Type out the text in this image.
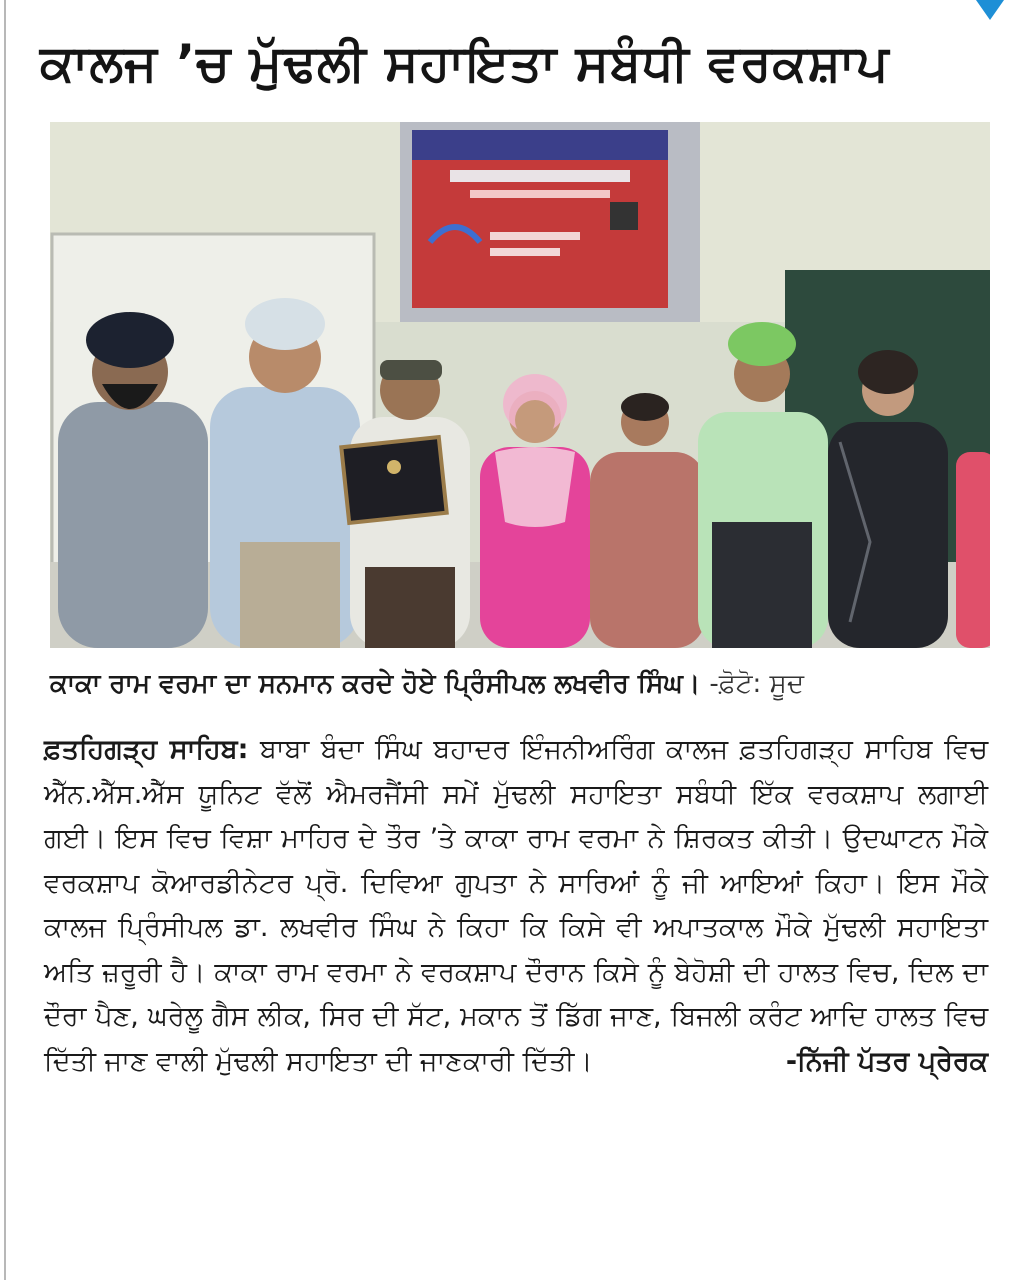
ਕਾਲਜ ’ਚ ਮੁੱਢਲੀ ਸਹਾਇਤਾ ਸਬੰਧੀ ਵਰਕਸ਼ਾਪ
ਕਾਕਾ ਰਾਮ ਵਰਮਾ ਦਾ ਸਨਮਾਨ ਕਰਦੇ ਹੋਏ ਪ੍ਰਿੰਸੀਪਲ ਲਖਵੀਰ ਸਿੰਘ। -ਫ਼ੋਟੋ: ਸੂਦ
ਫ਼ਤਹਿਗੜ੍ਹ ਸਾਹਿਬ: ਬਾਬਾ ਬੰਦਾ ਸਿੰਘ ਬਹਾਦਰ ਇੰਜਨੀਅਰਿੰਗ ਕਾਲਜ ਫ਼ਤਹਿਗੜ੍ਹ ਸਾਹਿਬ ਵਿਚ ਐੱਨ.ਐੱਸ.ਐੱਸ ਯੂਨਿਟ ਵੱਲੋਂ ਐਮਰਜੈਂਸੀ ਸਮੇਂ ਮੁੱਢਲੀ ਸਹਾਇਤਾ ਸਬੰਧੀ ਇੱਕ ਵਰਕਸ਼ਾਪ ਲਗਾਈ ਗਈ। ਇਸ ਵਿਚ ਵਿਸ਼ਾ ਮਾਹਿਰ ਦੇ ਤੌਰ ’ਤੇ ਕਾਕਾ ਰਾਮ ਵਰਮਾ ਨੇ ਸ਼ਿਰਕਤ ਕੀਤੀ। ਉਦਘਾਟਨ ਮੌਕੇ ਵਰਕਸ਼ਾਪ ਕੋਆਰਡੀਨੇਟਰ ਪ੍ਰੋ. ਦਿਵਿਆ ਗੁਪਤਾ ਨੇ ਸਾਰਿਆਂ ਨੂੰ ਜੀ ਆਇਆਂ ਕਿਹਾ। ਇਸ ਮੌਕੇ ਕਾਲਜ ਪ੍ਰਿੰਸੀਪਲ ਡਾ. ਲਖਵੀਰ ਸਿੰਘ ਨੇ ਕਿਹਾ ਕਿ ਕਿਸੇ ਵੀ ਅਪਾਤਕਾਲ ਮੌਕੇ ਮੁੱਢਲੀ ਸਹਾਇਤਾ ਅਤਿ ਜ਼ਰੂਰੀ ਹੈ। ਕਾਕਾ ਰਾਮ ਵਰਮਾ ਨੇ ਵਰਕਸ਼ਾਪ ਦੌਰਾਨ ਕਿਸੇ ਨੂੰ ਬੇਹੋਸ਼ੀ ਦੀ ਹਾਲਤ ਵਿਚ, ਦਿਲ ਦਾ ਦੌਰਾ ਪੈਣ, ਘਰੇਲੂ ਗੈਸ ਲੀਕ, ਸਿਰ ਦੀ ਸੱਟ, ਮਕਾਨ ਤੋਂ ਡਿੱਗ ਜਾਣ, ਬਿਜਲੀ ਕਰੰਟ ਆਦਿ ਹਾਲਤ ਵਿਚ ਦਿੱਤੀ ਜਾਣ ਵਾਲੀ ਮੁੱਢਲੀ ਸਹਾਇਤਾ ਦੀ ਜਾਣਕਾਰੀ ਦਿੱਤੀ।	-ਨਿੱਜੀ ਪੱਤਰ ਪ੍ਰੇਰਕ
